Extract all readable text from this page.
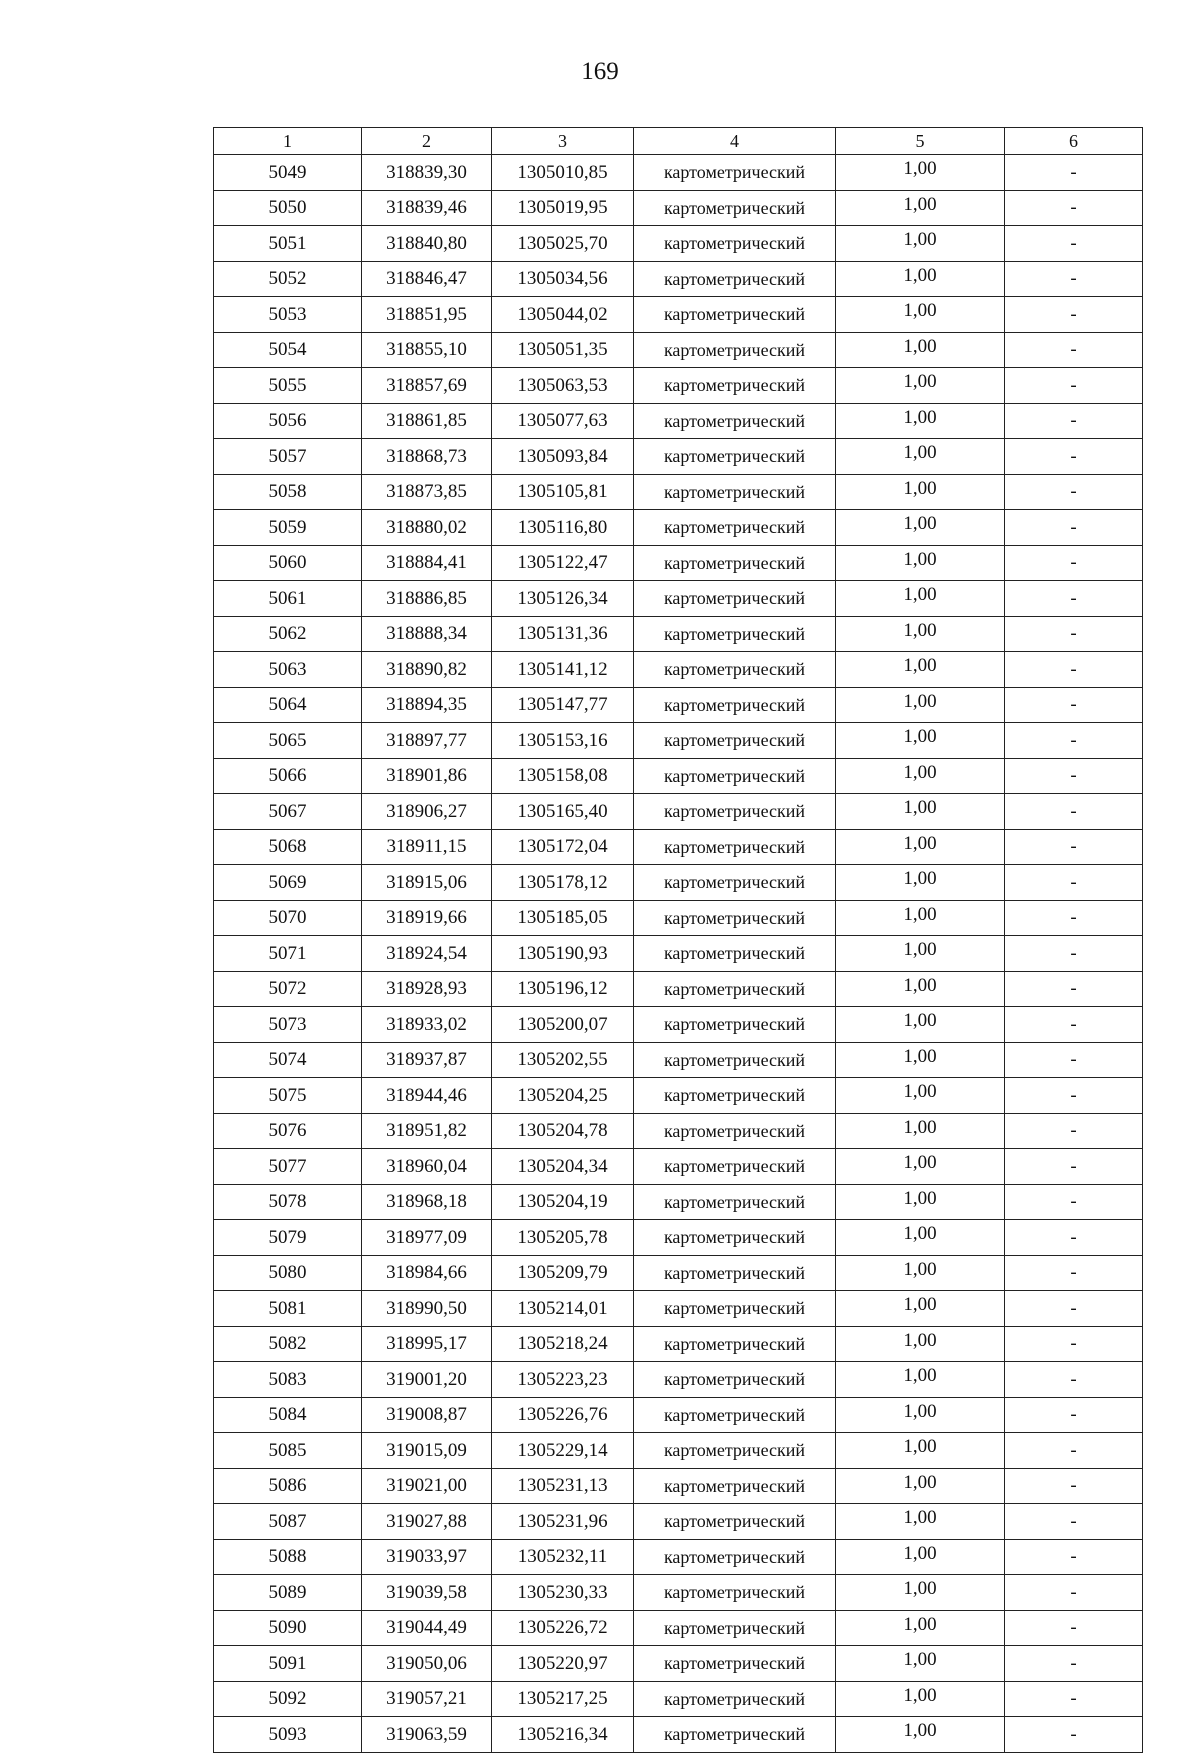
169
1	2	3	4	5	6
5049	318839,30	1305010,85	картометрический	1,00	-
5050	318839,46	1305019,95	картометрический	1,00	-
5051	318840,80	1305025,70	картометрический	1,00	-
5052	318846,47	1305034,56	картометрический	1,00	-
5053	318851,95	1305044,02	картометрический	1,00	-
5054	318855,10	1305051,35	картометрический	1,00	-
5055	318857,69	1305063,53	картометрический	1,00	-
5056	318861,85	1305077,63	картометрический	1,00	-
5057	318868,73	1305093,84	картометрический	1,00	-
5058	318873,85	1305105,81	картометрический	1,00	-
5059	318880,02	1305116,80	картометрический	1,00	-
5060	318884,41	1305122,47	картометрический	1,00	-
5061	318886,85	1305126,34	картометрический	1,00	-
5062	318888,34	1305131,36	картометрический	1,00	-
5063	318890,82	1305141,12	картометрический	1,00	-
5064	318894,35	1305147,77	картометрический	1,00	-
5065	318897,77	1305153,16	картометрический	1,00	-
5066	318901,86	1305158,08	картометрический	1,00	-
5067	318906,27	1305165,40	картометрический	1,00	-
5068	318911,15	1305172,04	картометрический	1,00	-
5069	318915,06	1305178,12	картометрический	1,00	-
5070	318919,66	1305185,05	картометрический	1,00	-
5071	318924,54	1305190,93	картометрический	1,00	-
5072	318928,93	1305196,12	картометрический	1,00	-
5073	318933,02	1305200,07	картометрический	1,00	-
5074	318937,87	1305202,55	картометрический	1,00	-
5075	318944,46	1305204,25	картометрический	1,00	-
5076	318951,82	1305204,78	картометрический	1,00	-
5077	318960,04	1305204,34	картометрический	1,00	-
5078	318968,18	1305204,19	картометрический	1,00	-
5079	318977,09	1305205,78	картометрический	1,00	-
5080	318984,66	1305209,79	картометрический	1,00	-
5081	318990,50	1305214,01	картометрический	1,00	-
5082	318995,17	1305218,24	картометрический	1,00	-
5083	319001,20	1305223,23	картометрический	1,00	-
5084	319008,87	1305226,76	картометрический	1,00	-
5085	319015,09	1305229,14	картометрический	1,00	-
5086	319021,00	1305231,13	картометрический	1,00	-
5087	319027,88	1305231,96	картометрический	1,00	-
5088	319033,97	1305232,11	картометрический	1,00	-
5089	319039,58	1305230,33	картометрический	1,00	-
5090	319044,49	1305226,72	картометрический	1,00	-
5091	319050,06	1305220,97	картометрический	1,00	-
5092	319057,21	1305217,25	картометрический	1,00	-
5093	319063,59	1305216,34	картометрический	1,00	-
